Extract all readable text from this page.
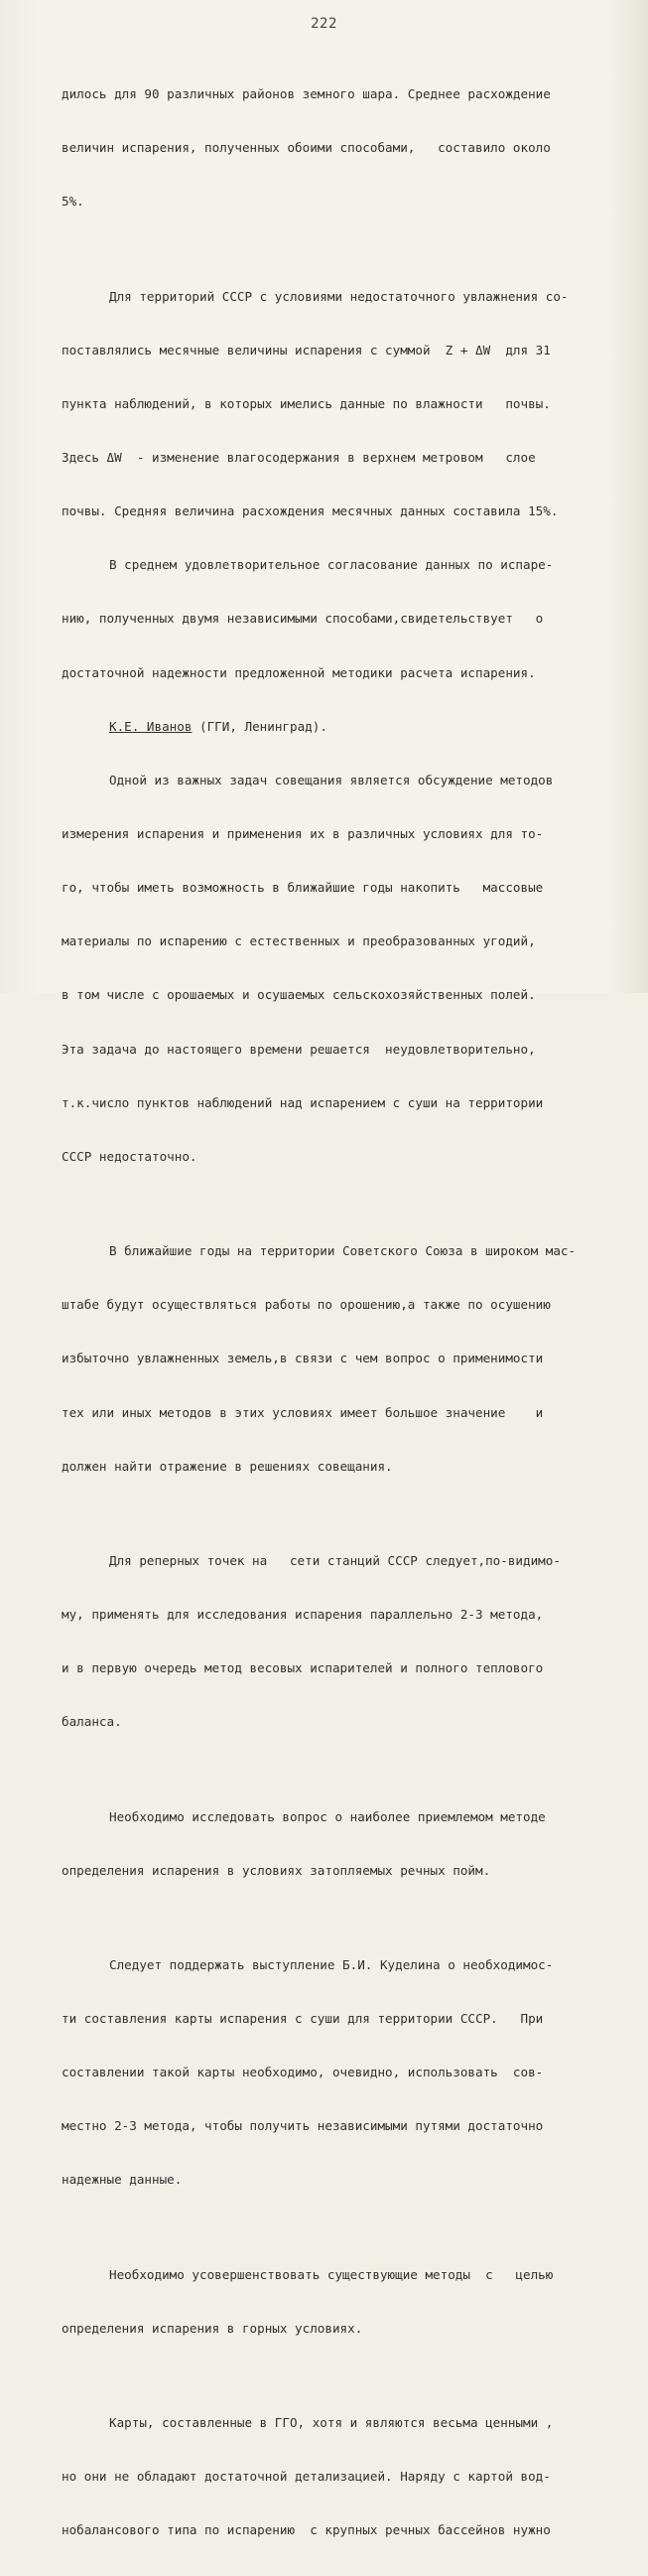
222

дилось для 90 различных районов земного шара. Среднее расхождение

величин испарения, полученных обоими способами,   составило около

5%.

Для территорий СССР с условиями недостаточного увлажнения со-

поставлялись месячные величины испарения с суммой  Z + ΔW  для 31

пункта наблюдений, в которых имелись данные по влажности   почвы.

Здесь ΔW  - изменение влагосодержания в верхнем метровом   слое

почвы. Средняя величина расхождения месячных данных составила 15%.

В среднем удовлетворительное согласование данных по испаре-

нию, полученных двумя независимыми способами,свидетельствует   о

достаточной надежности предложенной методики расчета испарения.

К.Е. Иванов (ГГИ, Ленинград).

Одной из важных задач совещания является обсуждение методов

измерения испарения и применения их в различных условиях для то-

го, чтобы иметь возможность в ближайшие годы накопить   массовые

материалы по испарению с естественных и преобразованных угодий,

в том числе с орошаемых и осушаемых сельскохозяйственных полей.

Эта задача до настоящего времени решается  неудовлетворительно,

т.к.число пунктов наблюдений над испарением с суши на территории

СССР недостаточно.

В ближайшие годы на территории Советского Союза в широком мас-

штабе будут осуществляться работы по орошению,а также по осушению

избыточно увлажненных земель,в связи с чем вопрос о применимости

тех или иных методов в этих условиях имеет большое значение    и

должен найти отражение в решениях совещания.

Для реперных точек на   сети станций СССР следует,по-видимо-

му, применять для исследования испарения параллельно 2-3 метода,

и в первую очередь метод весовых испарителей и полного теплового

баланса.

Необходимо исследовать вопрос о наиболее приемлемом методе

определения испарения в условиях затопляемых речных пойм.

Следует поддержать выступление Б.И. Куделина о необходимос-

ти составления карты испарения с суши для территории СССР.   При

составлении такой карты необходимо, очевидно, использовать  сов-

местно 2-3 метода, чтобы получить независимыми путями достаточно

надежные данные.

Необходимо усовершенствовать существующие методы  с   целью

определения испарения в горных условиях.

Карты, составленные в ГГО, хотя и являются весьма ценными ,

но они не обладают достаточной детализацией. Наряду с картой вод-

нобалансового типа по испарению  с крупных речных бассейнов нужно
